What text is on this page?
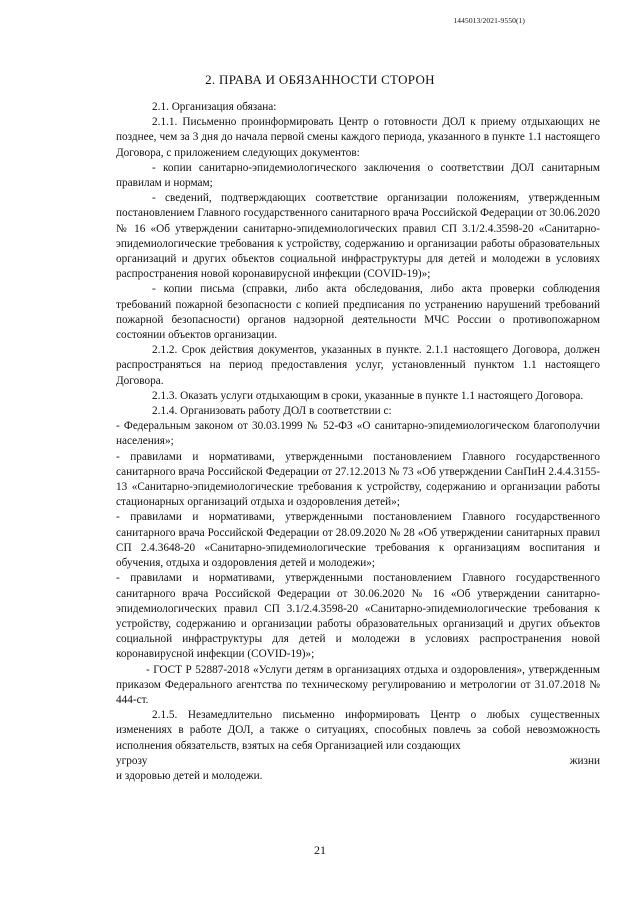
1445013/2021-9550(1)
2. ПРАВА И ОБЯЗАННОСТИ СТОРОН

2.1. Организация обязана:

2.1.1. Письменно проинформировать Центр о готовности ДОЛ к приему отдыхающих не позднее, чем за 3 дня до начала первой смены каждого периода, указанного в пункте 1.1 настоящего Договора, с приложением следующих документов:

- копии санитарно-эпидемиологического заключения о соответствии ДОЛ санитарным правилам и нормам;

- сведений, подтверждающих соответствие организации положениям, утвержденным постановлением Главного государственного санитарного врача Российской Федерации от 30.06.2020 № 16 «Об утверждении санитарно-эпидемиологических правил СП 3.1/2.4.3598-20 «Санитарно-эпидемиологические требования к устройству, содержанию и организации работы образовательных организаций и других объектов социальной инфраструктуры для детей и молодежи в условиях распространения новой коронавирусной инфекции (COVID-19)»;

- копии письма (справки, либо акта обследования, либо акта проверки соблюдения требований пожарной безопасности с копией предписания по устранению нарушений требований пожарной безопасности) органов надзорной деятельности МЧС России о противопожарном состоянии объектов организации.

2.1.2. Срок действия документов, указанных в пункте. 2.1.1 настоящего Договора, должен распространяться на период предоставления услуг, установленный пунктом 1.1 настоящего Договора.

2.1.3. Оказать услуги отдыхающим в сроки, указанные в пункте 1.1 настоящего Договора.

2.1.4. Организовать работу ДОЛ в соответствии с:

- Федеральным законом от 30.03.1999 № 52-ФЗ «О санитарно-эпидемиологическом благополучии населения»;

- правилами и нормативами, утвержденными постановлением Главного государственного санитарного врача Российской Федерации от 27.12.2013 № 73 «Об утверждении СанПиН 2.4.4.3155-13 «Санитарно-эпидемиологические требования к устройству, содержанию и организации работы стационарных организаций отдыха и оздоровления детей»;

- правилами и нормативами, утвержденными постановлением Главного государственного санитарного врача Российской Федерации от 28.09.2020 № 28 «Об утверждении санитарных правил СП 2.4.3648-20 «Санитарно-эпидемиологические требования к организациям воспитания и обучения, отдыха и оздоровления детей и молодежи»;

- правилами и нормативами, утвержденными постановлением Главного государственного санитарного врача Российской Федерации от 30.06.2020 № 16 «Об утверждении санитарно-эпидемиологических правил СП 3.1/2.4.3598-20 «Санитарно-эпидемиологические требования к устройству, содержанию и организации работы образовательных организаций и других объектов социальной инфраструктуры для детей и молодежи в условиях распространения новой коронавирусной инфекции (COVID-19)»;

- ГОСТ Р 52887-2018 «Услуги детям в организациях отдыха и оздоровления», утвержденным приказом Федерального агентства по техническому регулированию и метрологии от 31.07.2018 № 444-ст.

2.1.5. Незамедлительно письменно информировать Центр о любых существенных изменениях в работе ДОЛ, а также о ситуациях, способных повлечь за собой невозможность исполнения обязательств, взятых на себя Организацией или создающих

угрозу	жизни

и здоровью детей и молодежи.

21
